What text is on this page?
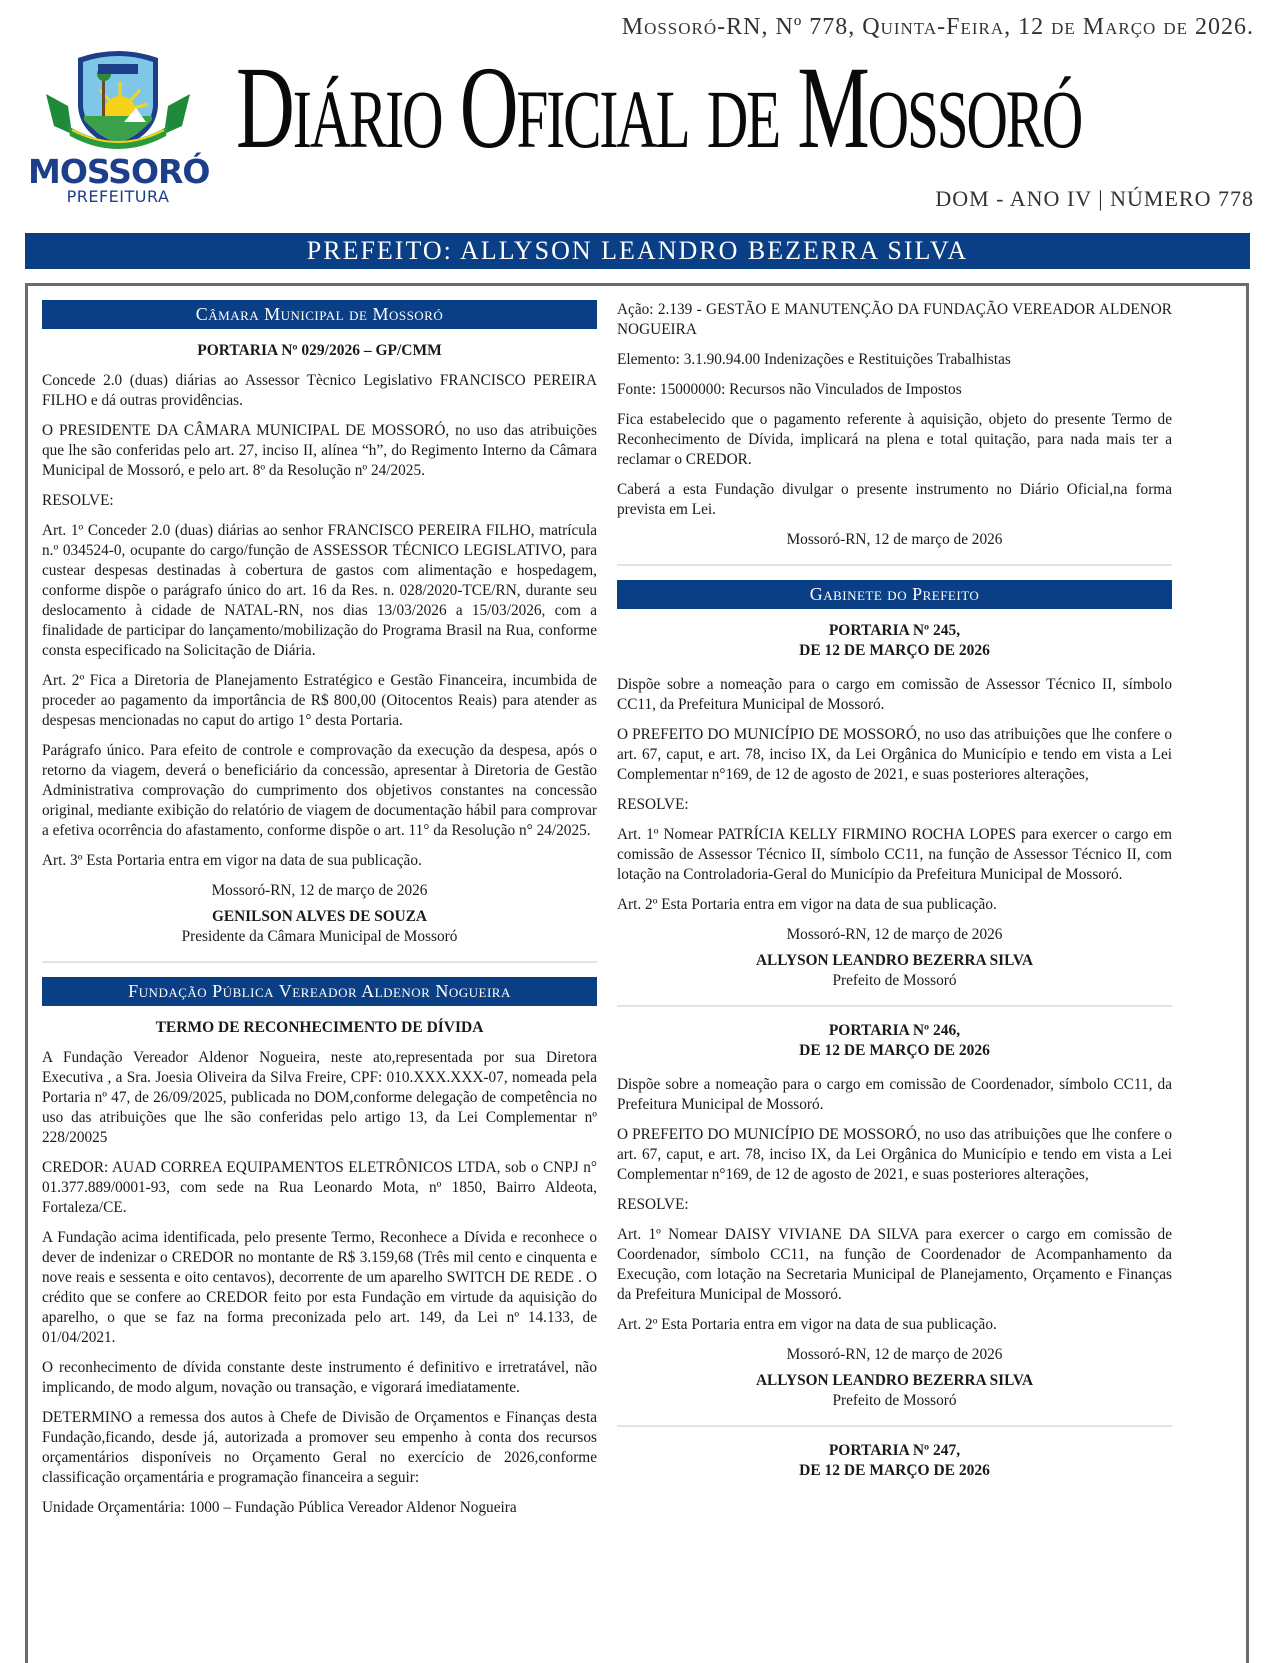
MOSSORÓ
PREFEITURA
Mossoró-RN, Nº 778, Quinta-Feira, 12 de Março de 2026.
Diário Oficial de Mossoró
DOM - ANO IV | NÚMERO 778
PREFEITO: ALLYSON LEANDRO BEZERRA SILVA
Câmara Municipal de Mossoró
PORTARIA Nº 029/2026 – GP/CMM

Concede 2.0 (duas) diárias ao Assessor Tècnico Legislativo FRANCISCO PEREIRA FILHO e dá outras providências.

O PRESIDENTE DA CÂMARA MUNICIPAL DE MOSSORÓ, no uso das atribuições que lhe são conferidas pelo art. 27, inciso II, alínea “h”, do Regimento Interno da Câmara Municipal de Mossoró, e pelo art. 8º da Resolução nº 24/2025.

RESOLVE:

Art. 1º Conceder 2.0 (duas) diárias ao senhor FRANCISCO PEREIRA FILHO, matrícula n.º 034524-0, ocupante do cargo/função de ASSESSOR TÉCNICO LEGISLATIVO, para custear despesas destinadas à cobertura de gastos com alimentação e hospedagem, conforme dispõe o parágrafo único do art. 16 da Res. n. 028/2020-TCE/RN, durante seu deslocamento à cidade de NATAL-RN, nos dias 13/03/2026 a 15/03/2026, com a finalidade de participar do lançamento/mobilização do Programa Brasil na Rua, conforme consta especificado na Solicitação de Diária.

Art. 2º Fica a Diretoria de Planejamento Estratégico e Gestão Financeira, incumbida de proceder ao pagamento da importância de R$ 800,00 (Oitocentos Reais) para atender as despesas mencionadas no caput do artigo 1° desta Portaria.

Parágrafo único. Para efeito de controle e comprovação da execução da despesa, após o retorno da viagem, deverá o beneficiário da concessão, apresentar à Diretoria de Gestão Administrativa comprovação do cumprimento dos objetivos constantes na concessão original, mediante exibição do relatório de viagem de documentação hábil para comprovar a efetiva ocorrência do afastamento, conforme dispõe o art. 11° da Resolução n° 24/2025.

Art. 3º Esta Portaria entra em vigor na data de sua publicação.

Mossoró-RN, 12 de março de 2026

GENILSON ALVES DE SOUZA

Presidente da Câmara Municipal de Mossoró

Fundação Pública Vereador Aldenor Nogueira
TERMO DE RECONHECIMENTO DE DÍVIDA

A Fundação Vereador Aldenor Nogueira, neste ato,representada por sua Diretora Executiva , a Sra. Joesia Oliveira da Silva Freire, CPF: 010.XXX.XXX-07, nomeada pela Portaria nº 47, de 26/09/2025, publicada no DOM,conforme delegação de competência no uso das atribuições que lhe são conferidas pelo artigo 13, da Lei Complementar nº 228/20025

CREDOR: AUAD CORREA EQUIPAMENTOS ELETRÔNICOS LTDA, sob o CNPJ n° 01.377.889/0001-93, com sede na Rua Leonardo Mota, nº 1850, Bairro Aldeota, Fortaleza/CE.

A Fundação acima identificada, pelo presente Termo, Reconhece a Dívida e reconhece o dever de indenizar o CREDOR no montante de R$ 3.159,68 (Três mil cento e cinquenta e nove reais e sessenta e oito centavos), decorrente de um aparelho SWITCH DE REDE . O crédito que se confere ao CREDOR feito por esta Fundação em virtude da aquisição do aparelho, o que se faz na forma preconizada pelo art. 149, da Lei nº 14.133, de 01/04/2021.

O reconhecimento de dívida constante deste instrumento é definitivo e irretratável, não implicando, de modo algum, novação ou transação, e vigorará imediatamente.

DETERMINO a remessa dos autos à Chefe de Divisão de Orçamentos e Finanças desta Fundação,ficando, desde já, autorizada a promover seu empenho à conta dos recursos orçamentários disponíveis no Orçamento Geral no exercício de 2026,conforme classificação orçamentária e programação financeira a seguir:

Unidade Orçamentária: 1000 – Fundação Pública Vereador Aldenor Nogueira

Ação: 2.139 - GESTÃO E MANUTENÇÃO DA FUNDAÇÃO VEREADOR ALDENOR NOGUEIRA

Elemento: 3.1.90.94.00 Indenizações e Restituições Trabalhistas

Fonte: 15000000: Recursos não Vinculados de Impostos

Fica estabelecido que o pagamento referente à aquisição, objeto do presente Termo de Reconhecimento de Dívida, implicará na plena e total quitação, para nada mais ter a reclamar o CREDOR.

Caberá a esta Fundação divulgar o presente instrumento no Diário Oficial,na forma prevista em Lei.

Mossoró-RN, 12 de março de 2026

Gabinete do Prefeito
PORTARIA Nº 245,
DE 12 DE MARÇO DE 2026

Dispõe sobre a nomeação para o cargo em comissão de Assessor Técnico II, símbolo CC11, da Prefeitura Municipal de Mossoró.

O PREFEITO DO MUNICÍPIO DE MOSSORÓ, no uso das atribuições que lhe confere o art. 67, caput, e art. 78, inciso IX, da Lei Orgânica do Município e tendo em vista a Lei Complementar n°169, de 12 de agosto de 2021, e suas posteriores alterações,

RESOLVE:

Art. 1º Nomear PATRÍCIA KELLY FIRMINO ROCHA LOPES para exercer o cargo em comissão de Assessor Técnico II, símbolo CC11, na função de Assessor Técnico II, com lotação na Controladoria-Geral do Município da Prefeitura Municipal de Mossoró.

Art. 2º Esta Portaria entra em vigor na data de sua publicação.

Mossoró-RN, 12 de março de 2026

ALLYSON LEANDRO BEZERRA SILVA

Prefeito de Mossoró

PORTARIA Nº 246,
DE 12 DE MARÇO DE 2026

Dispõe sobre a nomeação para o cargo em comissão de Coordenador, símbolo CC11, da Prefeitura Municipal de Mossoró.

O PREFEITO DO MUNICÍPIO DE MOSSORÓ, no uso das atribuições que lhe confere o art. 67, caput, e art. 78, inciso IX, da Lei Orgânica do Município e tendo em vista a Lei Complementar n°169, de 12 de agosto de 2021, e suas posteriores alterações,

RESOLVE:

Art. 1º Nomear DAISY VIVIANE DA SILVA para exercer o cargo em comissão de Coordenador, símbolo CC11, na função de Coordenador de Acompanhamento da Execução, com lotação na Secretaria Municipal de Planejamento, Orçamento e Finanças da Prefeitura Municipal de Mossoró.

Art. 2º Esta Portaria entra em vigor na data de sua publicação.

Mossoró-RN, 12 de março de 2026

ALLYSON LEANDRO BEZERRA SILVA

Prefeito de Mossoró

PORTARIA Nº 247,
DE 12 DE MARÇO DE 2026
